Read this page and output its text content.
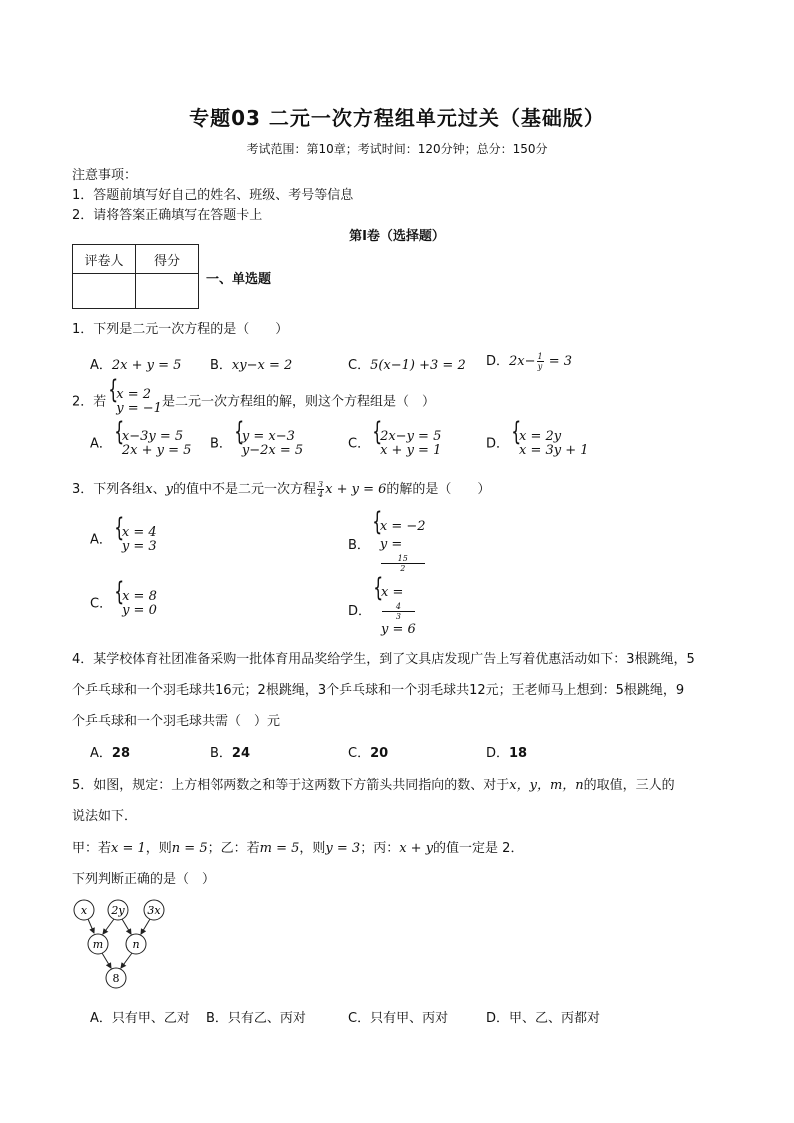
专题03 二元一次方程组单元过关（基础版）
考试范围：第10章；考试时间：120分钟；总分：150分
注意事项：
1．答题前填写好自己的姓名、班级、考号等信息
2．请将答案正确填写在答题卡上
第I卷（选择题）
评卷人	得分

一、单选题
1．下列是二元一次方程的是（　　）
A．2x + y = 5 B．xy−x = 2	C．5(x−1) +3 = 2 D．$2x- \frac{1}{y} = 3$
2．若 { x = 2
y = −1 是二元一次方程组的解，则这个方程组是（　）
A． { x−3y = 5
2x + y = 5 B． { y = x−3
y−2x = 5	C． { 2x−y = 5
x + y = 1	D． { x = 2y
x = 3y + 1
3．下列各组x、y的值中不是二元一次方程 $\frac{3}{4}$ x + y = 6的解的是（　　）
A． { x = 4
y = 3	B．
{ x = −2
y =
15
2
C． { x = 8
y = 0	D．
{ x =
4
3
y = 6
4．某学校体育社团准备采购一批体育用品奖给学生，到了文具店发现广告上写着优惠活动如下：3根跳绳，5
个乒乓球和一个羽毛球共16元；2根跳绳，3个乒乓球和一个羽毛球共12元；王老师马上想到：5根跳绳，9
个乒乓球和一个羽毛球共需（　）元
A．28	B．24	C．20	D．18
5．如图，规定：上方相邻两数之和等于这两数下方箭头共同指向的数、对于x，y，m，n的取值，三人的
说法如下．
甲：若x = 1，则n = 5；乙：若m = 5，则y = 3；丙：x + y的值一定是 2．
下列判断正确的是（　）
x 2y 3x
m	n
8
A．只有甲、乙对 B．只有乙、丙对	C．只有甲、丙对	D．甲、乙、丙都对
